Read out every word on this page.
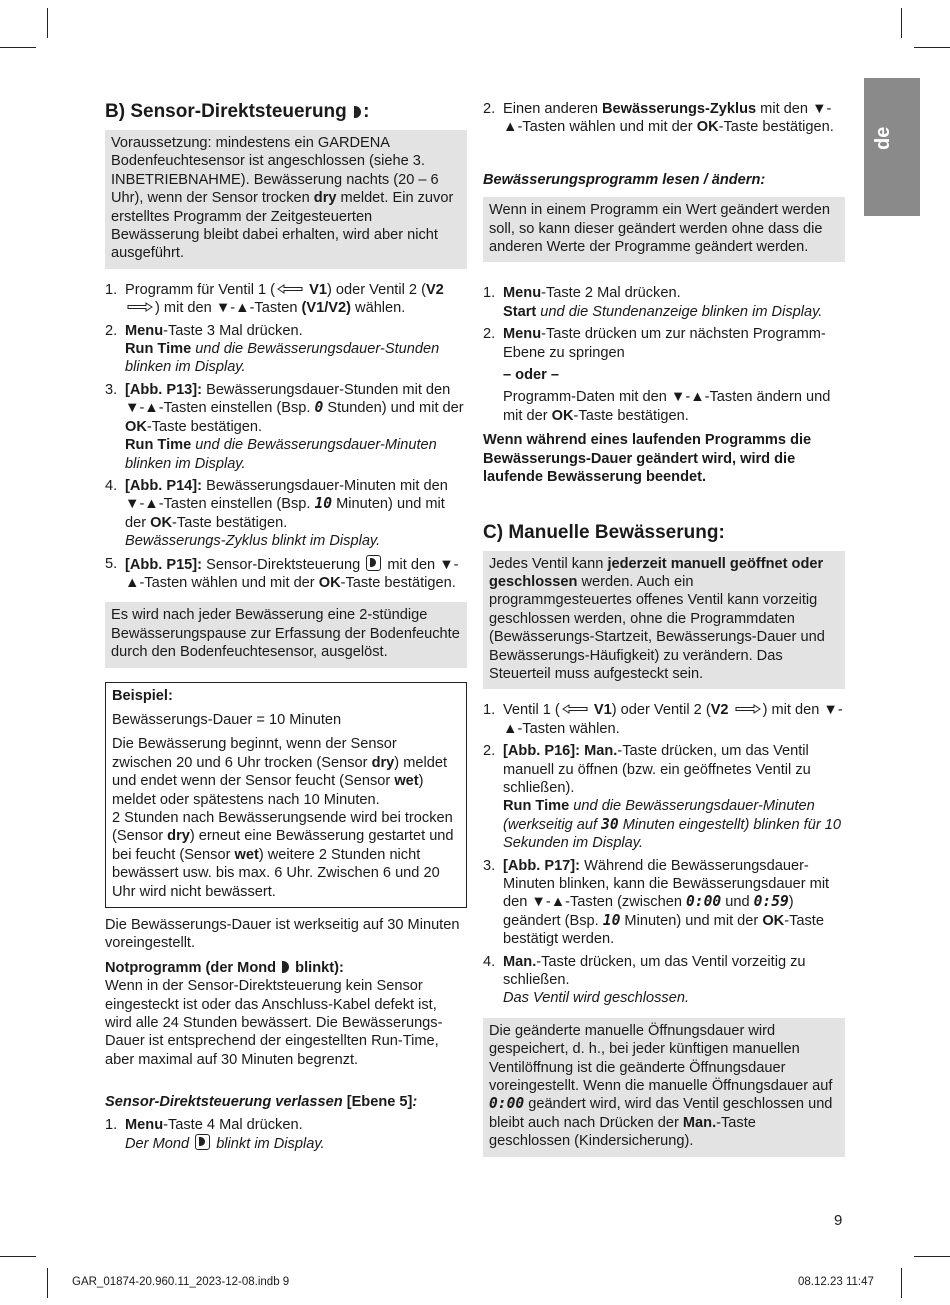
de
B) Sensor-Direktsteuerung :
Voraussetzung: mindestens ein GARDENA Bodenfeuchtesensor ist angeschlossen (siehe 3. INBETRIEBNAHME). Bewässerung nachts (20 – 6 Uhr), wenn der Sensor trocken dry meldet. Ein zuvor erstelltes Programm der Zeitgesteuerten Bewässerung bleibt dabei erhalten, wird aber nicht ausgeführt.
1. Programm für Ventil 1 ( V1) oder Ventil 2 (V2 ) mit den ▼-▲-Tasten (V1/V2) wählen.
2. Menu-Taste 3 Mal drücken.
Run Time und die Bewässerungsdauer-Stunden blinken im Display.
3. [Abb. P13]: Bewässerungsdauer-Stunden mit den ▼-▲-Tasten einstellen (Bsp. 0 Stunden) und mit der OK-Taste bestätigen.
Run Time und die Bewässerungsdauer-Minuten blinken im Display.
4. [Abb. P14]: Bewässerungsdauer-Minuten mit den ▼-▲-Tasten einstellen (Bsp. 10 Minuten) und mit der OK-Taste bestätigen.
Bewässerungs-Zyklus blinkt im Display.
5. [Abb. P15]: Sensor-Direktsteuerung  mit den ▼-▲-Tasten wählen und mit der OK-Taste bestätigen.
Es wird nach jeder Bewässerung eine 2-stündige Bewässerungspause zur Erfassung der Bodenfeuchte durch den Bodenfeuchtesensor, ausgelöst.

Beispiel:

Bewässerungs-Dauer = 10 Minuten

Die Bewässerung beginnt, wenn der Sensor zwischen 20 und 6 Uhr trocken (Sensor dry) meldet und endet wenn der Sensor feucht (Sensor wet) meldet oder spätestens nach 10 Minuten.
2 Stunden nach Bewässerungsende wird bei trocken (Sensor dry) erneut eine Bewässerung gestartet und bei feucht (Sensor wet) weitere 2 Stunden nicht bewässert usw. bis max. 6 Uhr. Zwischen 6 und 20 Uhr wird nicht bewässert.

Die Bewässerungs-Dauer ist werkseitig auf 30 Minuten voreingestellt.

Notprogramm (der Mond  blinkt):

Wenn in der Sensor-Direktsteuerung kein Sensor eingesteckt ist oder das Anschluss-Kabel defekt ist, wird alle 24 Stunden bewässert. Die Bewässerungs-Dauer ist entsprechend der eingestellten Run-Time, aber maximal auf 30 Minuten begrenzt.

Sensor-Direktsteuerung verlassen [Ebene 5]:
1. Menu-Taste 4 Mal drücken.
Der Mond  blinkt im Display.
2. Einen anderen Bewässerungs-Zyklus mit den ▼-▲-Tasten wählen und mit der OK-Taste bestätigen.
Bewässerungsprogramm lesen / ändern:
Wenn in einem Programm ein Wert geändert werden soll, so kann dieser geändert werden ohne dass die anderen Werte der Programme geändert werden.
1. Menu-Taste 2 Mal drücken.
Start und die Stundenanzeige blinken im Display.
2. Menu-Taste drücken um zur nächsten Programm-Ebene zu springen
– oder –
Programm-Daten mit den ▼-▲-Tasten ändern und mit der OK-Taste bestätigen.

Wenn während eines laufenden Programms die Bewässerungs-Dauer geändert wird, wird die laufende Bewässerung beendet.

C) Manuelle Bewässerung:
Jedes Ventil kann jederzeit manuell geöffnet oder geschlossen werden. Auch ein programmgesteuertes offenes Ventil kann vorzeitig geschlossen werden, ohne die Programmdaten (Bewässerungs-Startzeit, Bewässerungs-Dauer und Bewässerungs-Häufigkeit) zu verändern. Das Steuerteil muss aufgesteckt sein.
1. Ventil 1 ( V1) oder Ventil 2 (V2 ) mit den ▼-▲-Tasten wählen.
2. [Abb. P16]: Man.-Taste drücken, um das Ventil manuell zu öffnen (bzw. ein geöffnetes Ventil zu schließen).
Run Time und die Bewässerungsdauer-Minuten (werkseitig auf 30 Minuten eingestellt) blinken für 10 Sekunden im Display.
3. [Abb. P17]: Während die Bewässerungsdauer-Minuten blinken, kann die Bewässerungsdauer mit den ▼-▲-Tasten (zwischen 0:00 und 0:59) geändert (Bsp. 10 Minuten) und mit der OK-Taste bestätigt werden.
4. Man.-Taste drücken, um das Ventil vorzeitig zu schließen.
Das Ventil wird geschlossen.
Die geänderte manuelle Öffnungsdauer wird gespeichert, d. h., bei jeder künftigen manuellen Ventilöffnung ist die geänderte Öffnungsdauer voreingestellt. Wenn die manuelle Öffnungsdauer auf 0:00 geändert wird, wird das Ventil geschlossen und bleibt auch nach Drücken der Man.-Taste geschlossen (Kindersicherung).
9
GAR_01874-20.960.11_2023-12-08.indb 9	08.12.23 11:47
